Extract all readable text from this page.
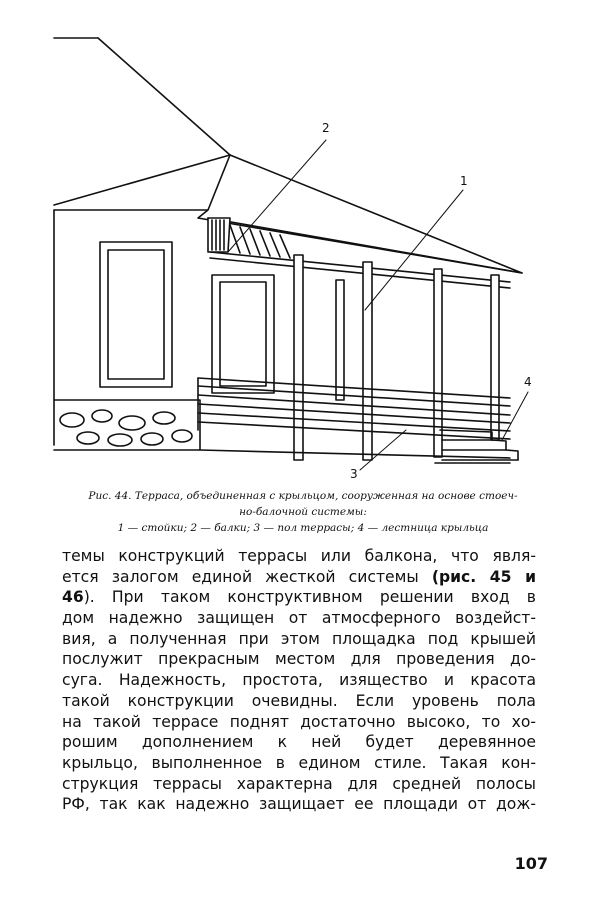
2
1
3
4
Рис. 44. Терраса, объединенная с крыльцом, сооруженная на основе стоеч-
но-балочной системы:
1 — стойки; 2 — балки; 3 — пол террасы; 4 — лестница крыльца
темы конструкций террасы или балкона, что явля-
ется залогом единой жесткой системы (рис. 45 и
46). При таком конструктивном решении вход в
дом надежно защищен от атмосферного воздейст-
вия, а полученная при этом площадка под крышей
послужит прекрасным местом для проведения до-
суга. Надежность, простота, изящество и красота
такой конструкции очевидны. Если уровень пола
на такой террасе поднят достаточно высоко, то хо-
рошим дополнением к ней будет деревянное
крыльцо, выполненное в едином стиле. Такая кон-
струкция террасы характерна для средней полосы
РФ, так как надежно защищает ее площади от дож-
107
